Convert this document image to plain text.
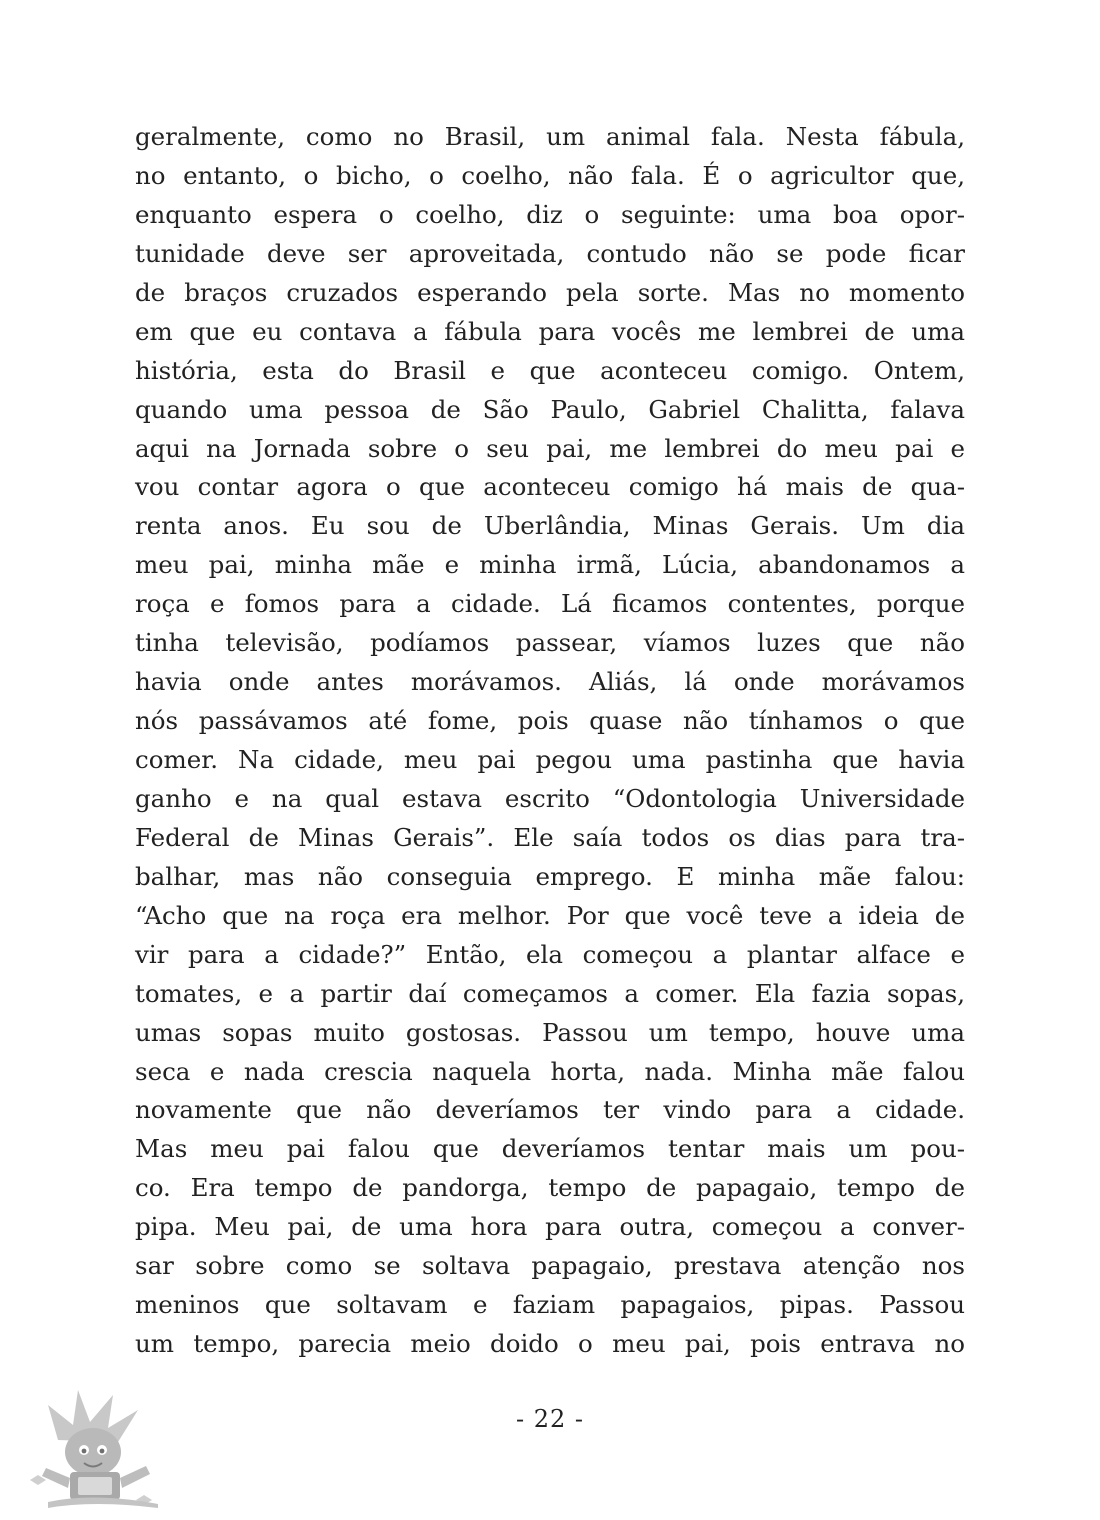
geralmente, como no Brasil, um animal fala. Nesta fábula,
no entanto, o bicho, o coelho, não fala. É o agricultor que,
enquanto espera o coelho, diz o seguinte: uma boa opor-
tunidade deve ser aproveitada, contudo não se pode ficar
de braços cruzados esperando pela sorte. Mas no momento
em que eu contava a fábula para vocês me lembrei de uma
história, esta do Brasil e que aconteceu comigo. Ontem,
quando uma pessoa de São Paulo, Gabriel Chalitta, falava
aqui na Jornada sobre o seu pai, me lembrei do meu pai e
vou contar agora o que aconteceu comigo há mais de qua-
renta anos. Eu sou de Uberlândia, Minas Gerais. Um dia
meu pai, minha mãe e minha irmã, Lúcia, abandonamos a
roça e fomos para a cidade. Lá ficamos contentes, porque
tinha televisão, podíamos passear, víamos luzes que não
havia onde antes morávamos. Aliás, lá onde morávamos
nós passávamos até fome, pois quase não tínhamos o que
comer. Na cidade, meu pai pegou uma pastinha que havia
ganho e na qual estava escrito “Odontologia Universidade
Federal de Minas Gerais”. Ele saía todos os dias para tra-
balhar, mas não conseguia emprego. E minha mãe falou:
“Acho que na roça era melhor. Por que você teve a ideia de
vir para a cidade?” Então, ela começou a plantar alface e
tomates, e a partir daí começamos a comer. Ela fazia sopas,
umas sopas muito gostosas. Passou um tempo, houve uma
seca e nada crescia naquela horta, nada. Minha mãe falou
novamente que não deveríamos ter vindo para a cidade.
Mas meu pai falou que deveríamos tentar mais um pou-
co. Era tempo de pandorga, tempo de papagaio, tempo de
pipa. Meu pai, de uma hora para outra, começou a conver-
sar sobre como se soltava papagaio, prestava atenção nos
meninos que soltavam e faziam papagaios, pipas. Passou
um tempo, parecia meio doido o meu pai, pois entrava no
- 22 -
